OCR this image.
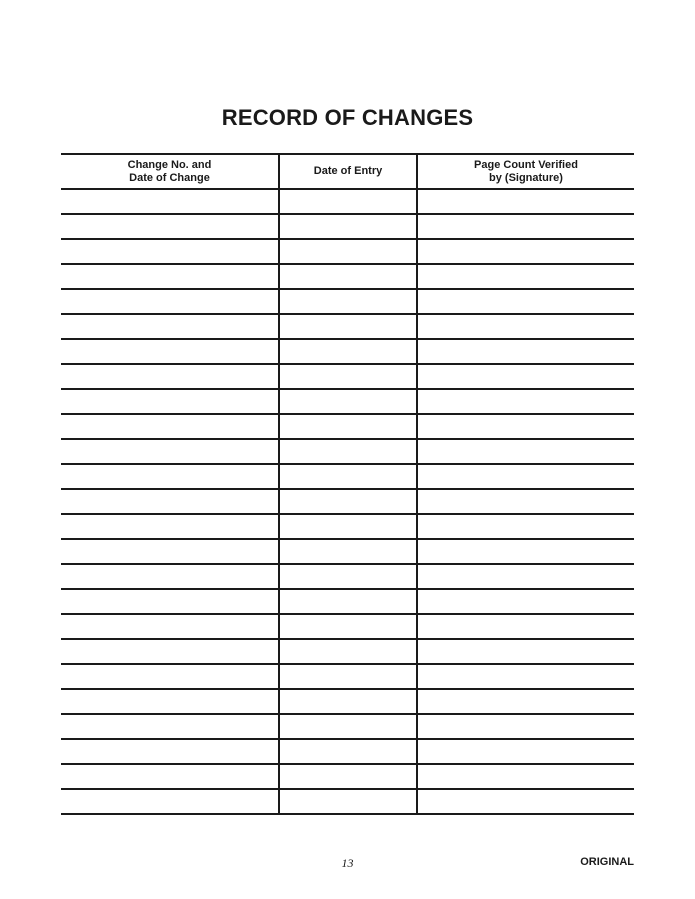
RECORD OF CHANGES
Change No. and
Date of Change
Date of Entry
Page Count Verified
by (Signature)
13	ORIGINAL
